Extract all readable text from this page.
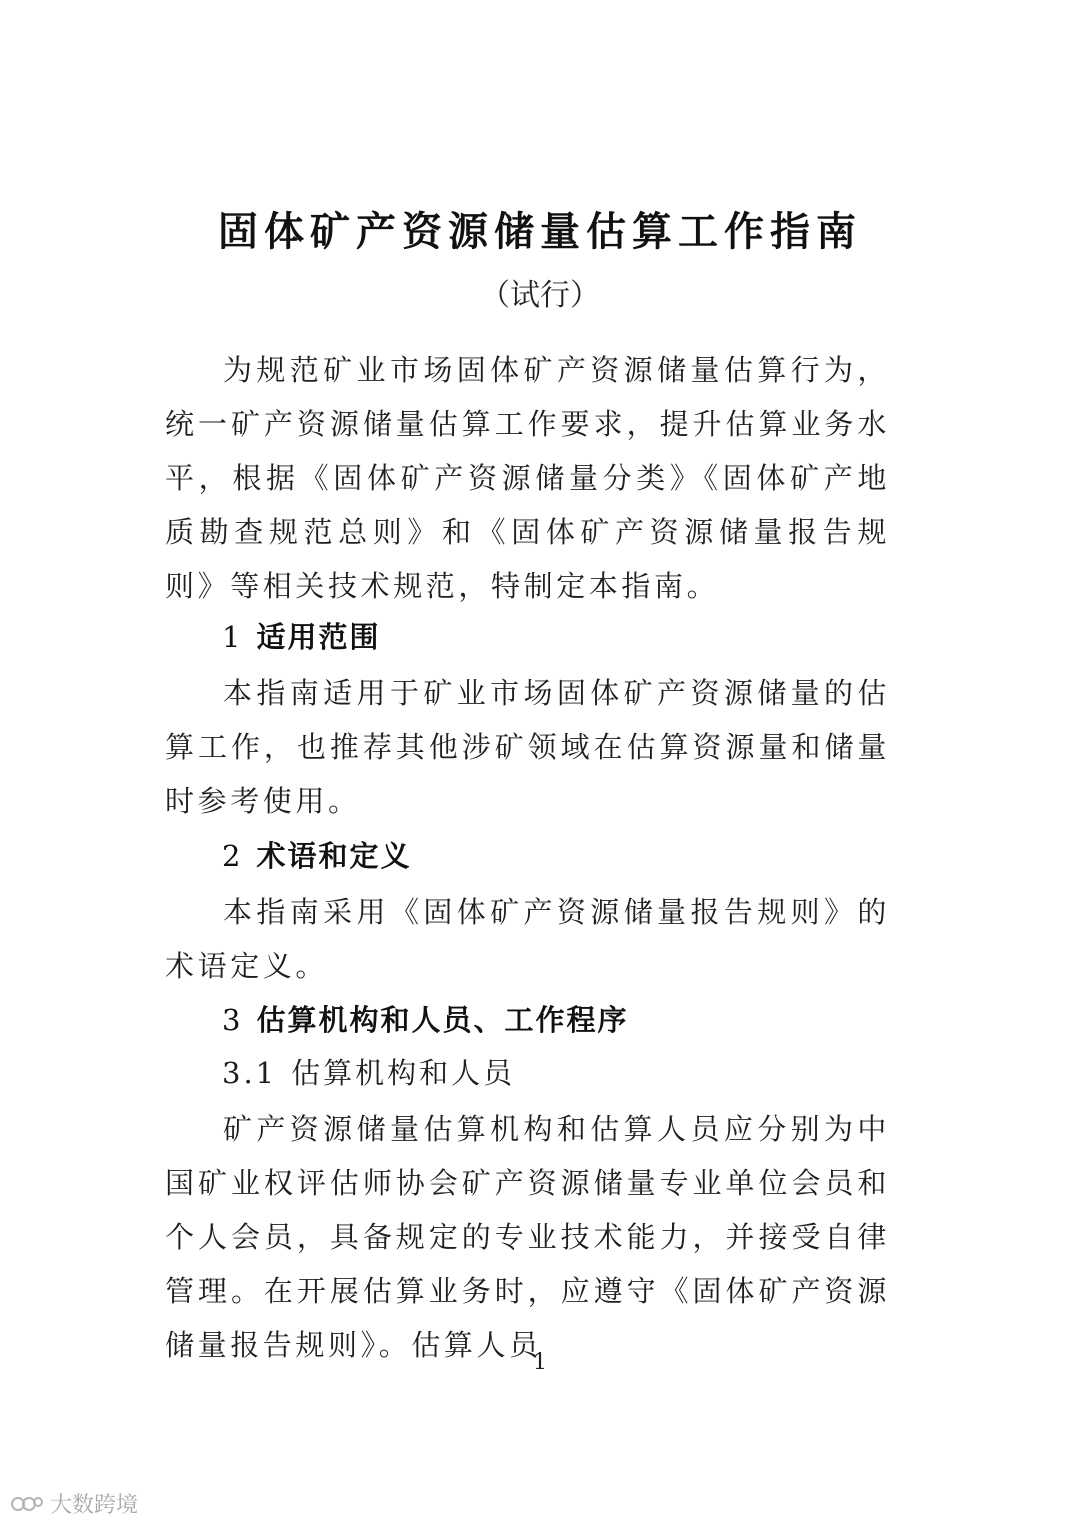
固体矿产资源储量估算工作指南
（试行）
为规范矿业市场固体矿产资源储量估算行为，统一矿产资源储量估算工作要求，提升估算业务水平，根据《固体矿产资源储量分类》《固体矿产地质勘查规范总则》和《固体矿产资源储量报告规则》等相关技术规范，特制定本指南。
1 适用范围
本指南适用于矿业市场固体矿产资源储量的估算工作，也推荐其他涉矿领域在估算资源量和储量时参考使用。
2 术语和定义
本指南采用《固体矿产资源储量报告规则》的术语定义。
3 估算机构和人员、工作程序
3.1 估算机构和人员
矿产资源储量估算机构和估算人员应分别为中国矿业权评估师协会矿产资源储量专业单位会员和个人会员，具备规定的专业技术能力，并接受自律管理。在开展估算业务时，应遵守《固体矿产资源储量报告规则》。估算人员
1
大数跨境
